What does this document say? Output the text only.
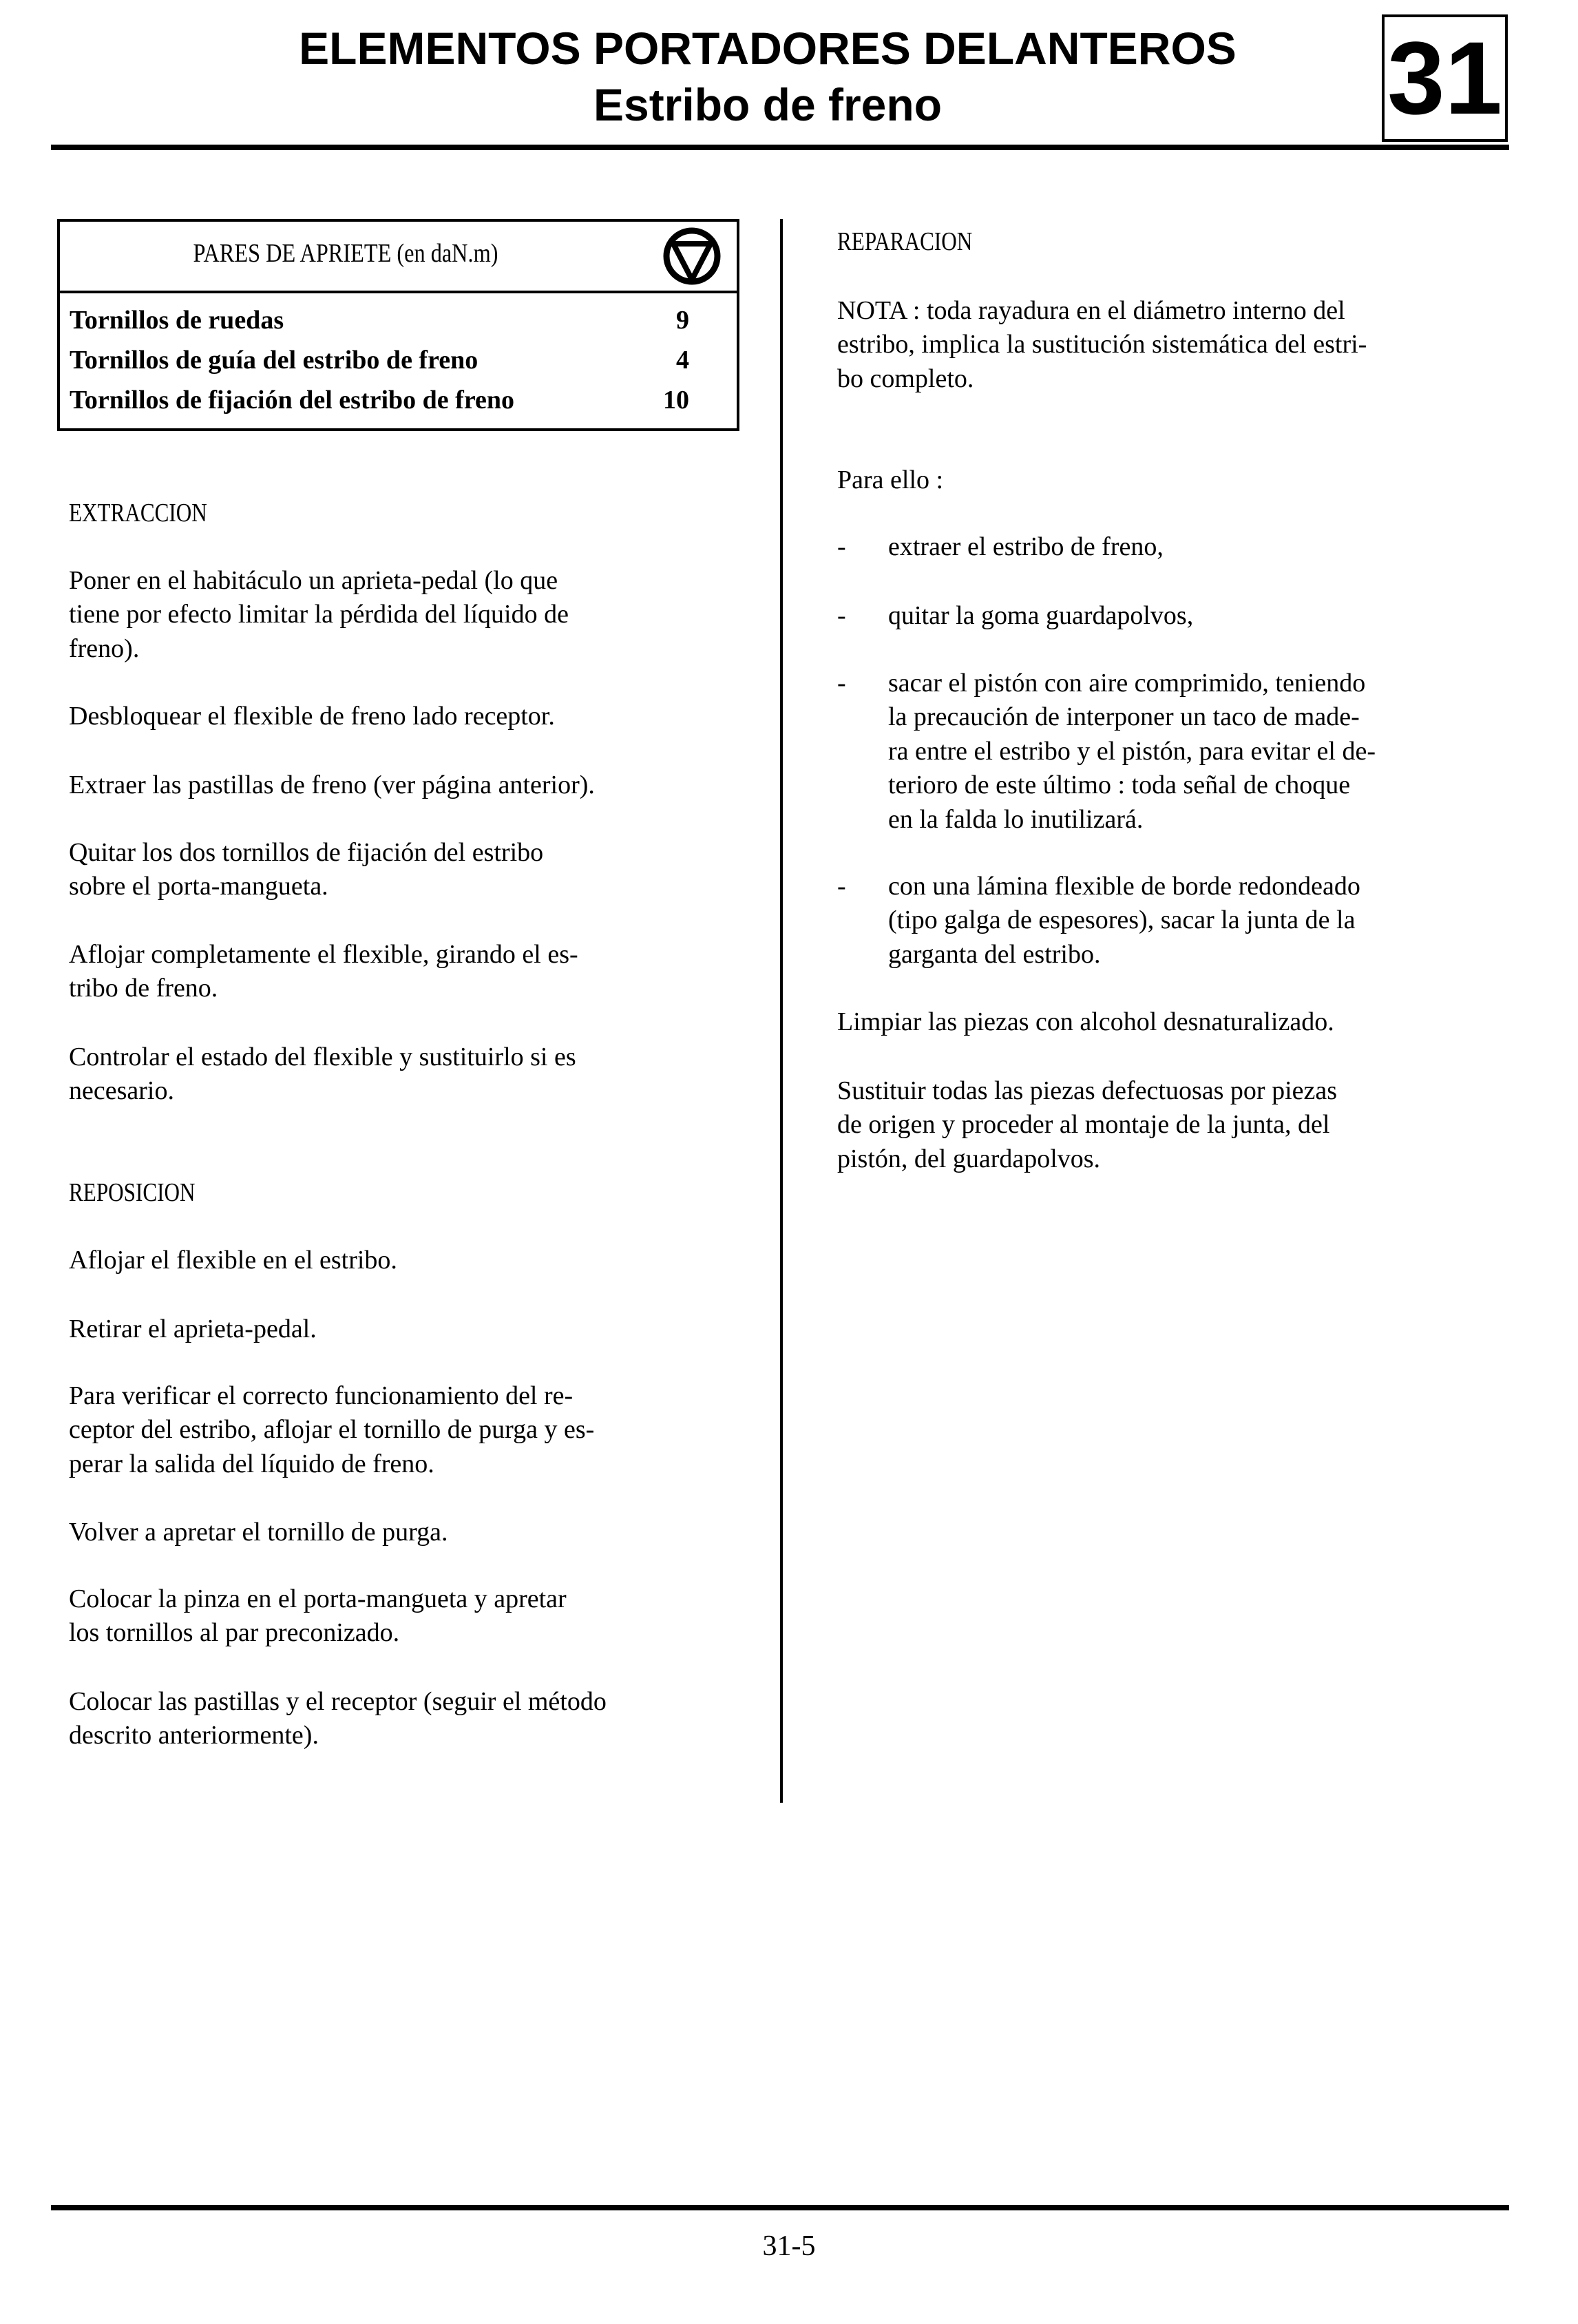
ELEMENTOS PORTADORES DELANTEROS
Estribo de freno	31
PARES DE APRIETE (en daN.m)
Tornillos de ruedas	9
Tornillos de guía del estribo de freno	4
Tornillos de fijación del estribo de freno	10
EXTRACCION
Poner en el habitáculo un aprieta-pedal (lo que
tiene por efecto limitar la pérdida del líquido de
freno).
Desbloquear el flexible de freno lado receptor.
Extraer las pastillas de freno (ver página anterior).
Quitar los dos tornillos de fijación del estribo
sobre el porta-mangueta.
Aflojar completamente el flexible, girando el es-
tribo de freno.
Controlar el estado del flexible y sustituirlo si es
necesario.
REPOSICION
Aflojar el flexible en el estribo.
Retirar el aprieta-pedal.
Para verificar el correcto funcionamiento del re-
ceptor del estribo, aflojar el tornillo de purga y es-
perar la salida del líquido de freno.
Volver a apretar el tornillo de purga.
Colocar la pinza en el porta-mangueta y apretar
los tornillos al par preconizado.
Colocar las pastillas y el receptor (seguir el método
descrito anteriormente).
REPARACION
NOTA : toda rayadura en el diámetro interno del
estribo, implica la sustitución sistemática del estri-
bo completo.
Para ello :
- extraer el estribo de freno,
- quitar la goma guardapolvos,
- sacar el pistón con aire comprimido, teniendo
la precaución de interponer un taco de made-
ra entre el estribo y el pistón, para evitar el de-
terioro de este último : toda señal de choque
en la falda lo inutilizará.
- con una lámina flexible de borde redondeado
(tipo galga de espesores), sacar la junta de la
garganta del estribo.
Limpiar las piezas con alcohol desnaturalizado.
Sustituir todas las piezas defectuosas por piezas
de origen y proceder al montaje de la junta, del
pistón, del guardapolvos.
31-5
